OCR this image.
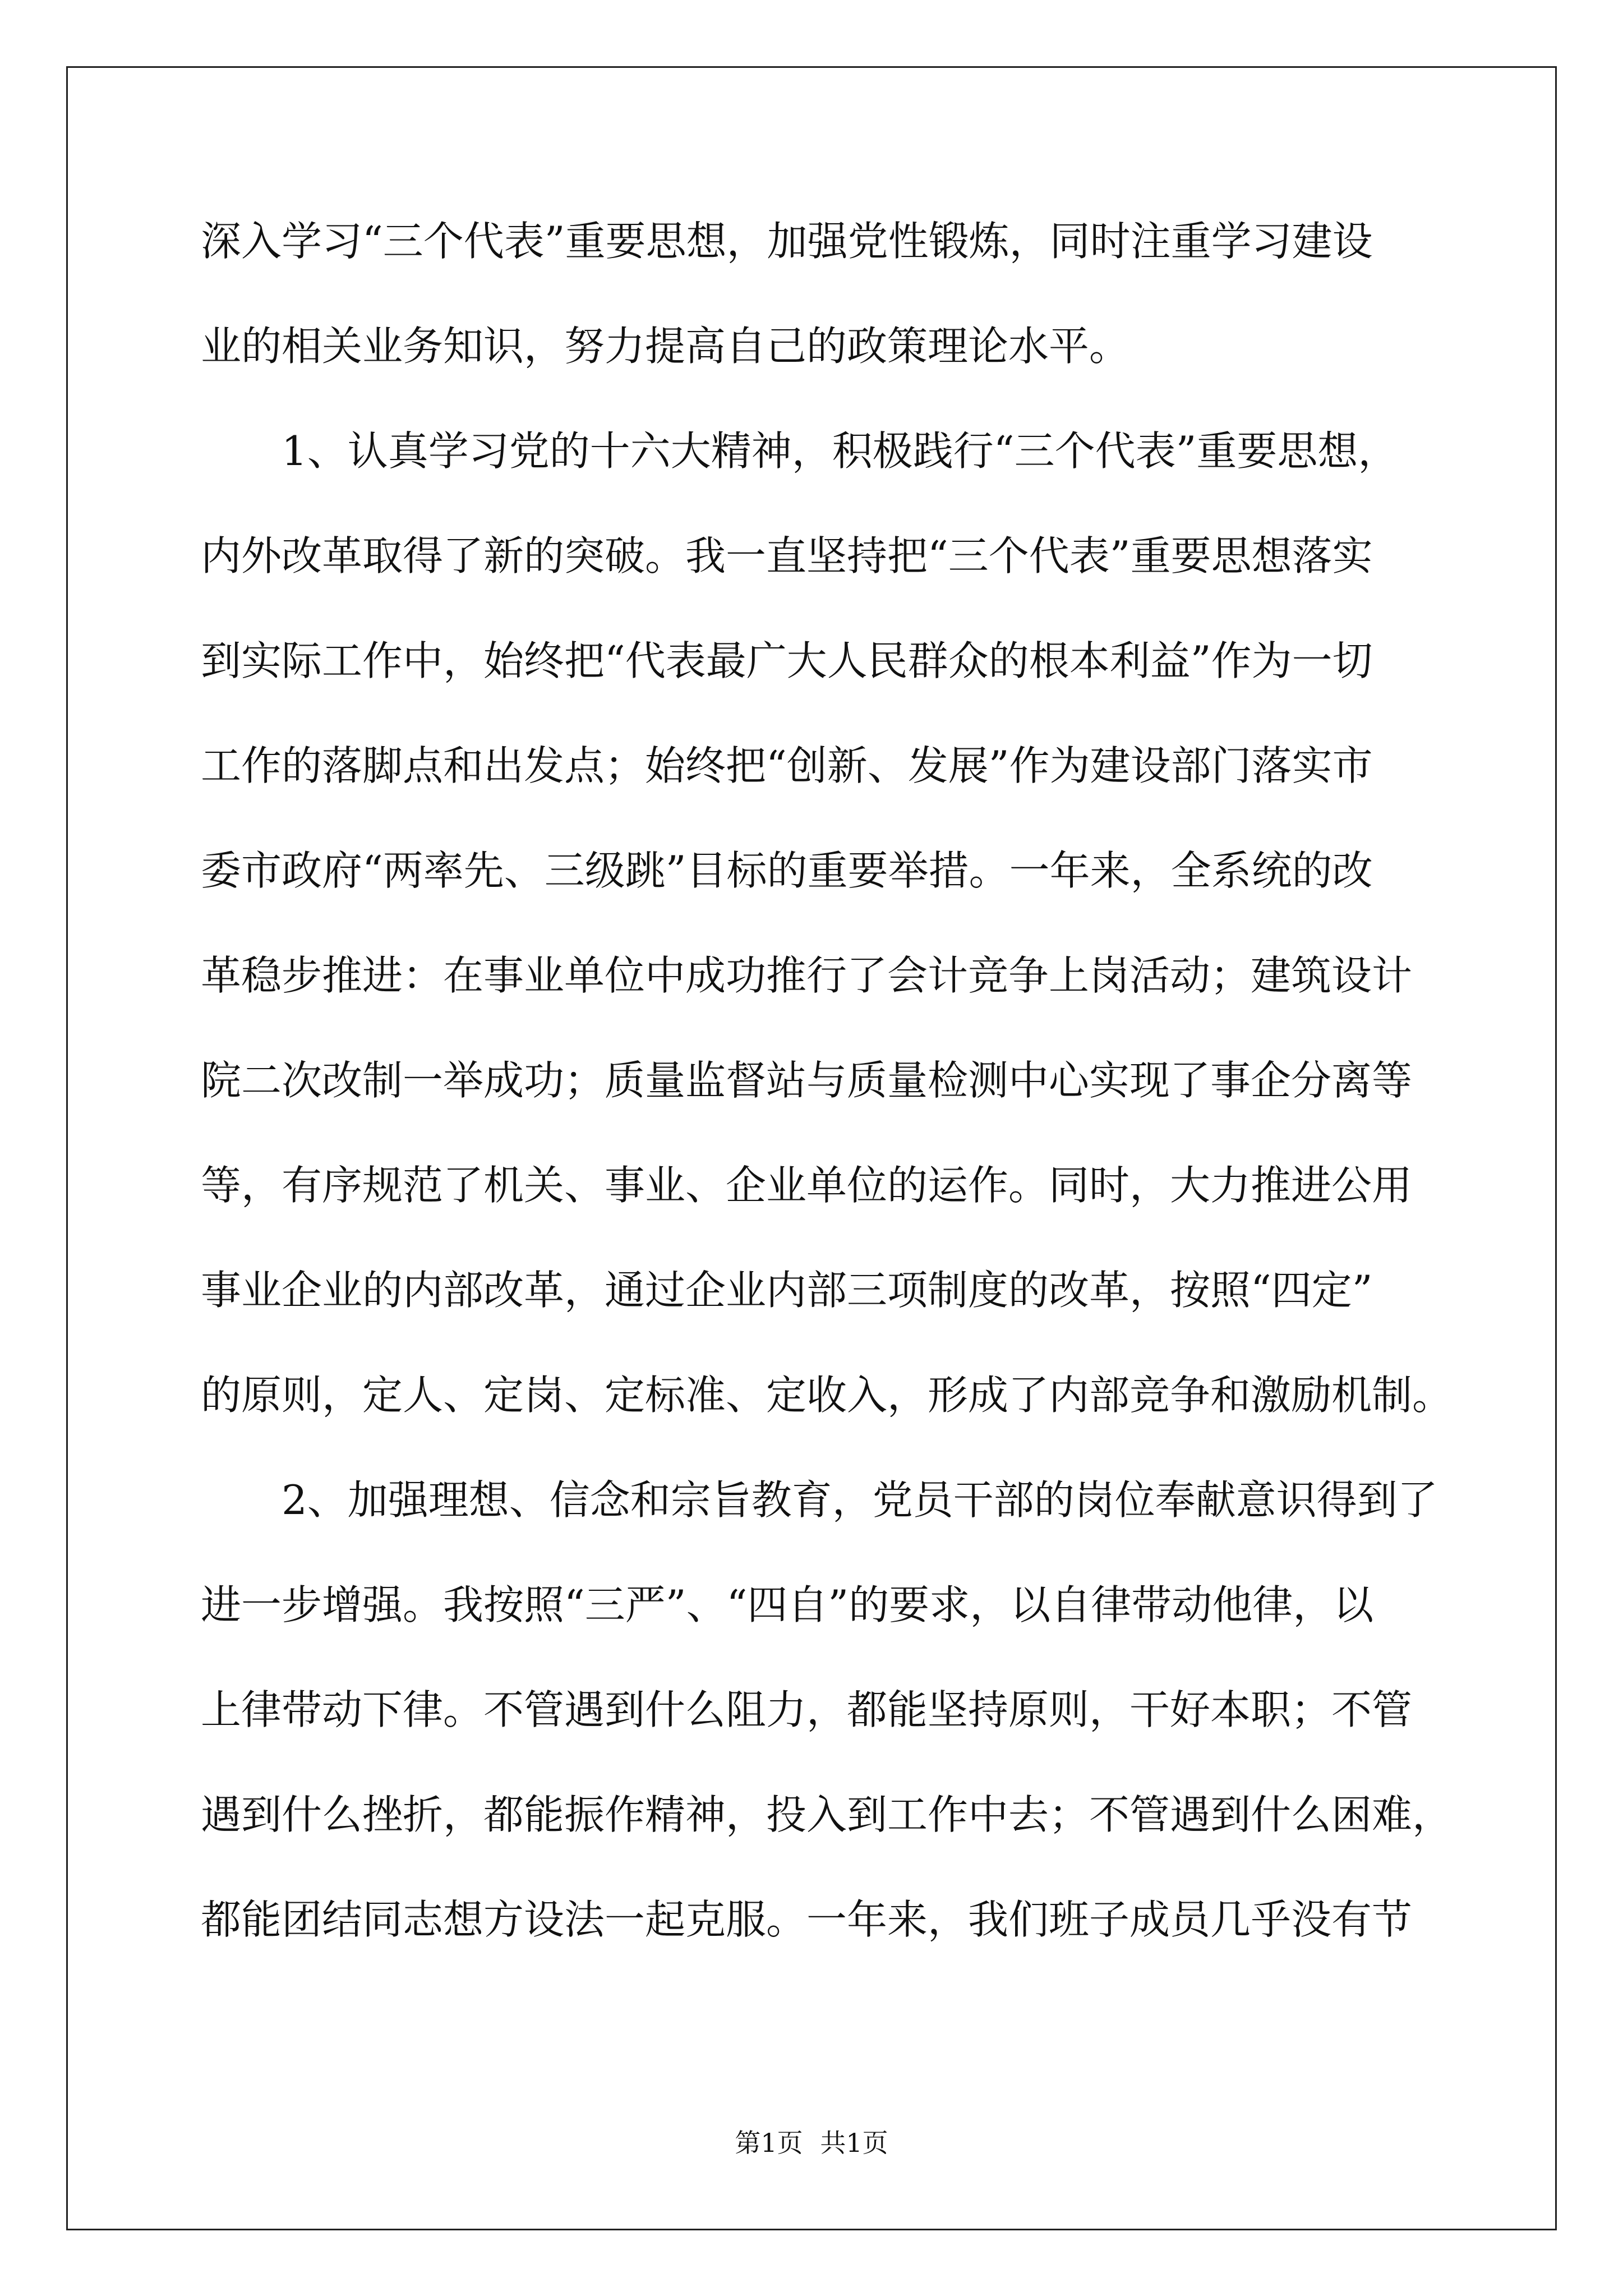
深入学习“三个代表”重要思想，加强党性锻炼，同时注重学习建设
业的相关业务知识，努力提高自己的政策理论水平。
　　1、认真学习党的十六大精神，积极践行“三个代表”重要思想，
内外改革取得了新的突破。我一直坚持把“三个代表”重要思想落实
到实际工作中，始终把“代表最广大人民群众的根本利益”作为一切
工作的落脚点和出发点；始终把“创新、发展”作为建设部门落实市
委市政府“两率先、三级跳”目标的重要举措。一年来，全系统的改
革稳步推进：在事业单位中成功推行了会计竞争上岗活动；建筑设计
院二次改制一举成功；质量监督站与质量检测中心实现了事企分离等
等，有序规范了机关、事业、企业单位的运作。同时，大力推进公用
事业企业的内部改革，通过企业内部三项制度的改革，按照“四定”
的原则，定人、定岗、定标准、定收入，形成了内部竞争和激励机制。
　　2、加强理想、信念和宗旨教育，党员干部的岗位奉献意识得到了
进一步增强。我按照“三严”、“四自”的要求，以自律带动他律，以
上律带动下律。不管遇到什么阻力，都能坚持原则，干好本职；不管
遇到什么挫折，都能振作精神，投入到工作中去；不管遇到什么困难，
都能团结同志想方设法一起克服。一年来，我们班子成员几乎没有节
第1页 共1页
